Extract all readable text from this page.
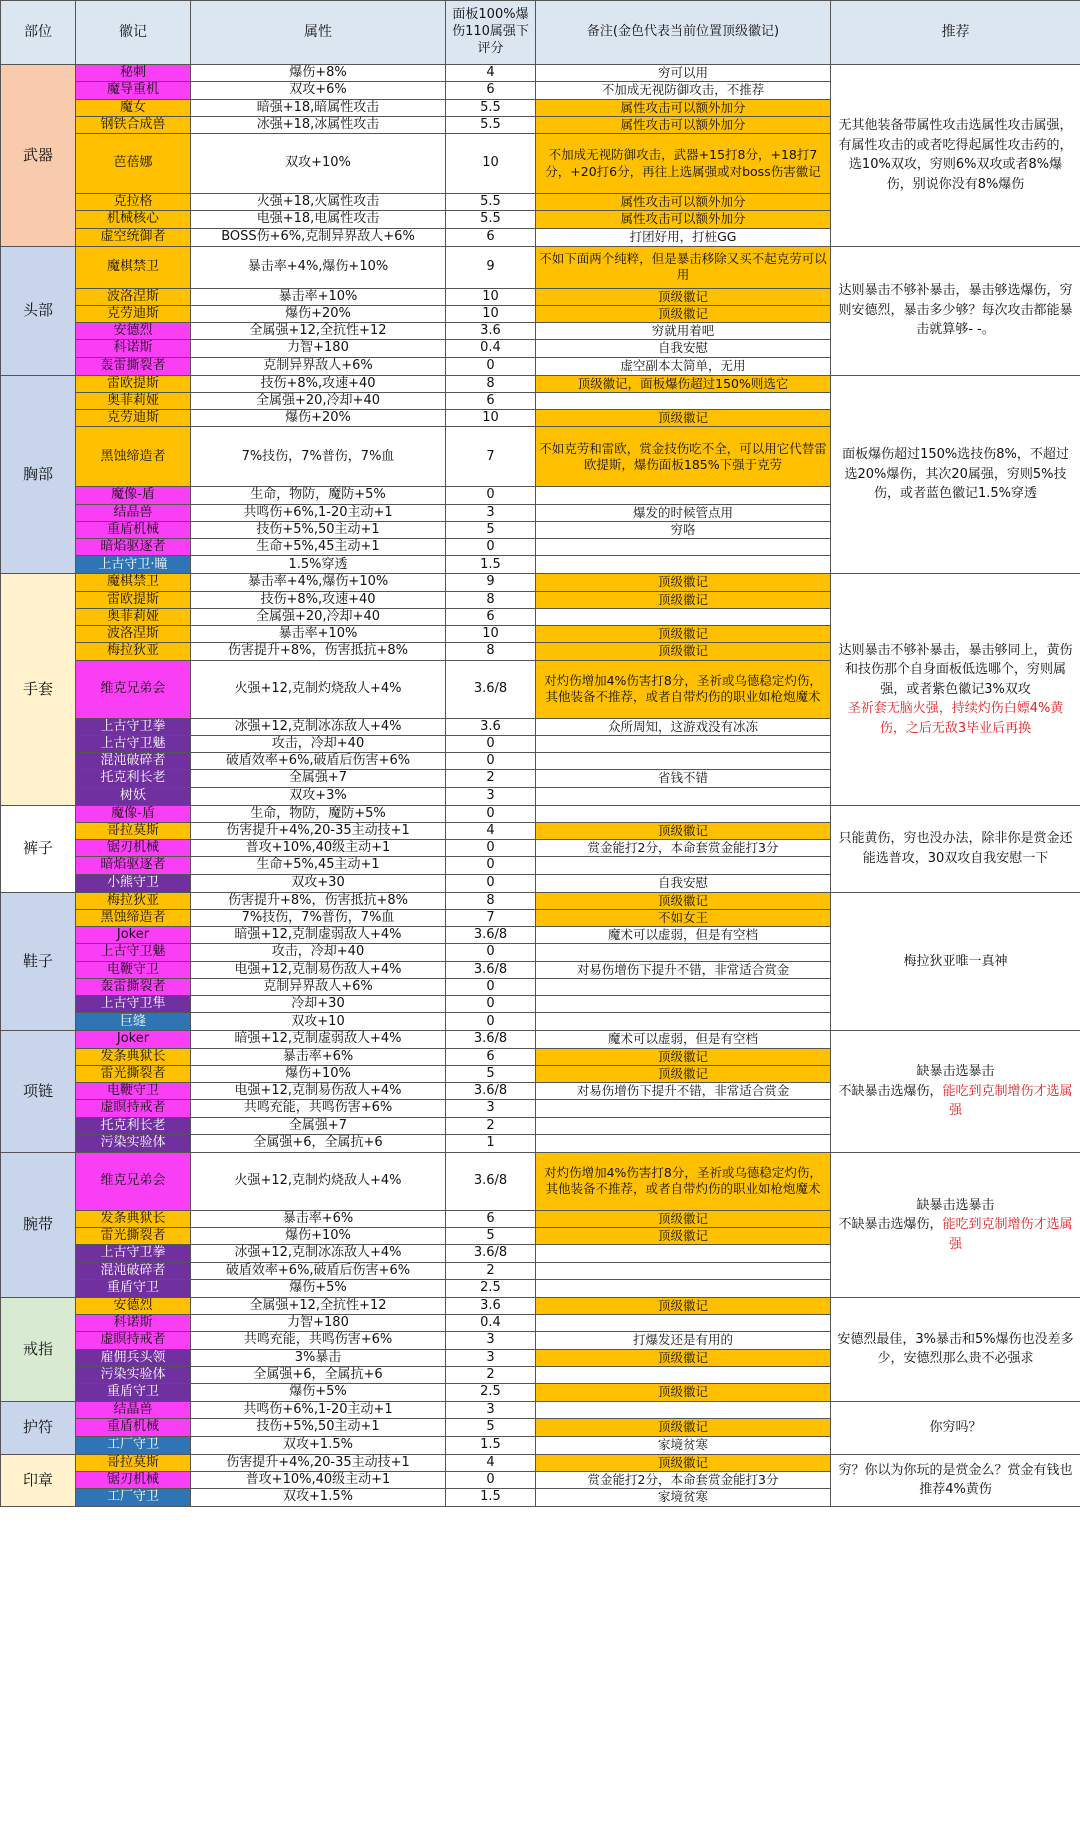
部位	徽记	属性	面板100%爆伤110属强下评分	备注(金色代表当前位置顶级徽记)	推荐
武器	秘刺	爆伤+8%	4	穷可以用	无其他装备带属性攻击选属性攻击属强，有属性攻击的或者吃得起属性攻击药的，选10%双攻，穷则6%双攻或者8%爆伤，别说你没有8%爆伤
	魔导重机	双攻+6%	6	不加成无视防御攻击，不推荐	
	魔女	暗强+18,暗属性攻击	5.5	属性攻击可以额外加分	
	钢铁合成兽	冰强+18,冰属性攻击	5.5	属性攻击可以额外加分	
	芭蓓娜	双攻+10%	10	不加成无视防御攻击，武器+15打8分，+18打7分，+20打6分，再往上选属强或对boss伤害徽记	
	克拉格	火强+18,火属性攻击	5.5	属性攻击可以额外加分	
	机械核心	电强+18,电属性攻击	5.5	属性攻击可以额外加分	
	虚空统御者	BOSS伤+6%,克制异界敌人+6%	6	打团好用，打桩GG	
头部	魔棋禁卫	暴击率+4%,爆伤+10%	9	不如下面两个纯粹，但是暴击移除又买不起克劳可以用	达则暴击不够补暴击，暴击够选爆伤，穷则安德烈，暴击多少够？每次攻击都能暴击就算够- -。
	波洛涅斯	暴击率+10%	10	顶级徽记	
	克劳迪斯	爆伤+20%	10	顶级徽记	
	安德烈	全属强+12,全抗性+12	3.6	穷就用着吧	
	科诺斯	力智+180	0.4	自我安慰	
	轰雷撕裂者	克制异界敌人+6%	0	虚空副本太简单，无用	
胸部	雷欧提斯	技伤+8%,攻速+40	8	顶级徽记，面板爆伤超过150%则选它	面板爆伤超过150%选技伤8%，不超过选20%爆伤，其次20属强，穷则5%技伤，或者蓝色徽记1.5%穿透
	奥菲莉娅	全属强+20,冷却+40	6		
	克劳迪斯	爆伤+20%	10	顶级徽记	
	黑蚀缔造者	7%技伤，7%普伤，7%血	7	不如克劳和雷欧，赏金技伤吃不全，可以用它代替雷欧提斯，爆伤面板185%下强于克劳	
	魔像-盾	生命，物防，魔防+5%	0		
	结晶兽	共鸣伤+6%,1-20主动+1	3	爆发的时候管点用	
	重盾机械	技伤+5%,50主动+1	5	穷咯	
	暗焰驱逐者	生命+5%,45主动+1	0		
	上古守卫·瞳	1.5%穿透	1.5		
手套	魔棋禁卫	暴击率+4%,爆伤+10%	9	顶级徽记	达则暴击不够补暴击，暴击够同上，黄伤和技伤那个自身面板低选哪个，穷则属强，或者紫色徽记3%双攻
圣祈套无脑火强，持续灼伤白嫖4%黄伤，之后无敌3毕业后再换

	雷欧提斯	技伤+8%,攻速+40	8	顶级徽记	
	奥菲莉娅	全属强+20,冷却+40	6		
	波洛涅斯	暴击率+10%	10	顶级徽记	
	梅拉狄亚	伤害提升+8%，伤害抵抗+8%	8	顶级徽记	
	维克兄弟会	火强+12,克制灼烧敌人+4%	3.6/8	对灼伤增加4%伤害打8分，圣祈或乌德稳定灼伤，其他装备不推荐，或者自带灼伤的职业如枪炮魔术	
	上古守卫拳	冰强+12,克制冰冻敌人+4%	3.6	众所周知，这游戏没有冰冻	
	上古守卫魅	攻击，冷却+40	0		
	混沌破碎者	破盾效率+6%,破盾后伤害+6%	0		
	托克利长老	全属强+7	2	省钱不错	
	树妖	双攻+3%	3		
裤子	魔像-盾	生命，物防，魔防+5%	0		只能黄伤，穷也没办法，除非你是赏金还能选普攻，30双攻自我安慰一下
	哥拉莫斯	伤害提升+4%,20-35主动技+1	4	顶级徽记	
	锯刃机械	普攻+10%,40级主动+1	0	赏金能打2分，本命套赏金能打3分	
	暗焰驱逐者	生命+5%,45主动+1	0		
	小熊守卫	双攻+30	0	自我安慰	
鞋子	梅拉狄亚	伤害提升+8%，伤害抵抗+8%	8	顶级徽记	梅拉狄亚唯一真神
	黑蚀缔造者	7%技伤，7%普伤，7%血	7	不如女王	
	Joker	暗强+12,克制虚弱敌人+4%	3.6/8	魔术可以虚弱，但是有空档	
	上古守卫魅	攻击，冷却+40	0		
	电鞭守卫	电强+12,克制易伤敌人+4%	3.6/8	对易伤增伤下提升不错，非常适合赏金	
	轰雷撕裂者	克制异界敌人+6%	0		
	上古守卫隼	冷却+30	0		
	巨缝	双攻+10	0		
项链	Joker	暗强+12,克制虚弱敌人+4%	3.6/8	魔术可以虚弱，但是有空档	缺暴击选暴击
不缺暴击选爆伤，能吃到克制增伤才选属强

	发条典狱长	暴击率+6%	6	顶级徽记	
	雷光撕裂者	爆伤+10%	5	顶级徽记	
	电鞭守卫	电强+12,克制易伤敌人+4%	3.6/8	对易伤增伤下提升不错，非常适合赏金	
	虚瞑持戒者	共鸣充能，共鸣伤害+6%	3		
	托克利长老	全属强+7	2		
	污染实验体	全属强+6，全属抗+6	1		
腕带	维克兄弟会	火强+12,克制灼烧敌人+4%	3.6/8	对灼伤增加4%伤害打8分，圣祈或乌德稳定灼伤，其他装备不推荐，或者自带灼伤的职业如枪炮魔术	缺暴击选暴击
不缺暴击选爆伤，能吃到克制增伤才选属强

	发条典狱长	暴击率+6%	6	顶级徽记	
	雷光撕裂者	爆伤+10%	5	顶级徽记	
	上古守卫拳	冰强+12,克制冰冻敌人+4%	3.6/8		
	混沌破碎者	破盾效率+6%,破盾后伤害+6%	2		
	重盾守卫	爆伤+5%	2.5		
戒指	安德烈	全属强+12,全抗性+12	3.6	顶级徽记	安德烈最佳，3%暴击和5%爆伤也没差多少，安德烈那么贵不必强求
	科诺斯	力智+180	0.4		
	虚瞑持戒者	共鸣充能，共鸣伤害+6%	3	打爆发还是有用的	
	雇佣兵头领	3%暴击	3	顶级徽记	
	污染实验体	全属强+6，全属抗+6	2		
	重盾守卫	爆伤+5%	2.5	顶级徽记	
护符	结晶兽	共鸣伤+6%,1-20主动+1	3		你穷吗？
	重盾机械	技伤+5%,50主动+1	5	顶级徽记	
	工厂守卫	双攻+1.5%	1.5	家境贫寒	
印章	哥拉莫斯	伤害提升+4%,20-35主动技+1	4	顶级徽记	穷？你以为你玩的是赏金么？赏金有钱也推荐4%黄伤
	锯刃机械	普攻+10%,40级主动+1	0	赏金能打2分，本命套赏金能打3分	
	工厂守卫	双攻+1.5%	1.5	家境贫寒	
